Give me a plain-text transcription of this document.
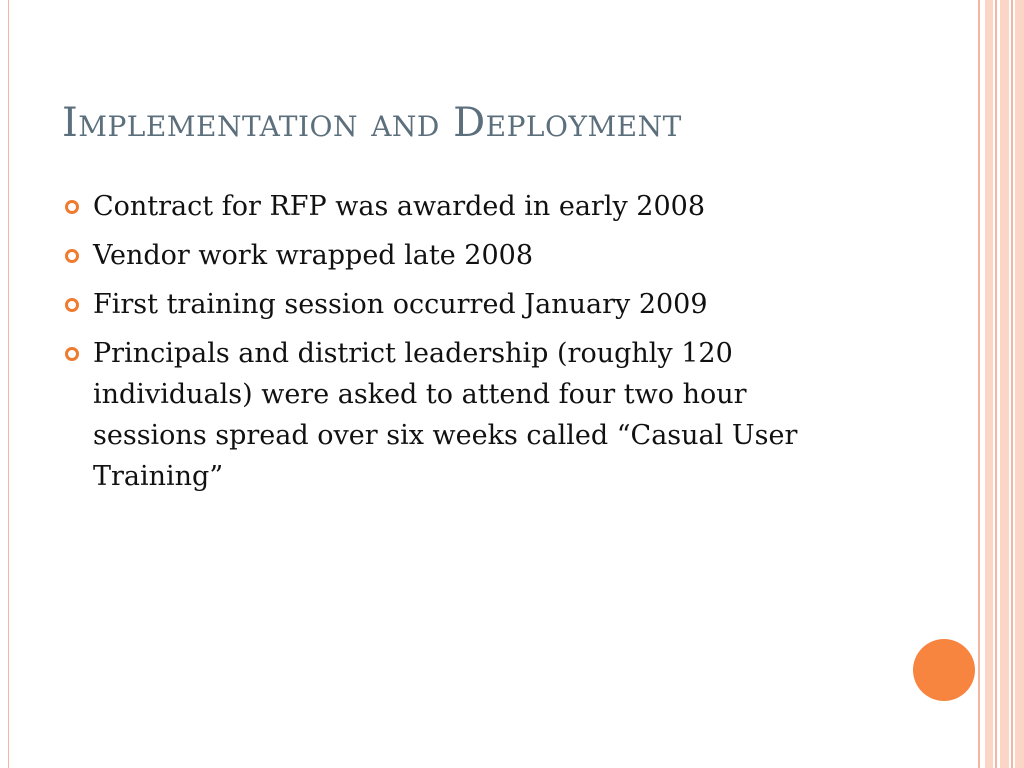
Implementation and Deployment
Contract for RFP was awarded in early 2008
Vendor work wrapped late 2008
First training session occurred January 2009
Principals and district leadership (roughly 120 individuals) were asked to attend four two hour sessions spread over six weeks called “Casual User Training”
